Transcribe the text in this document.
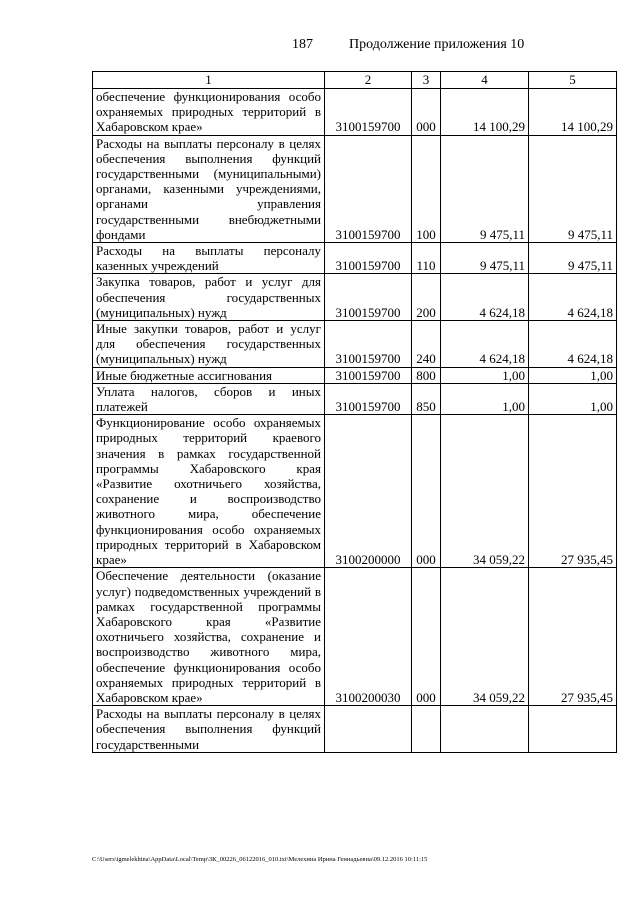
187	Продолжение приложения 10
1	2	3	4	5
обеспечение функционирования особо охраняемых природных территорий в Хабаровском крае»	3100159700	000	14 100,29	14 100,29
Расходы на выплаты персоналу в целях обеспечения выполнения функций государственными (муниципальными) органами, казенными учреждениями, органами управления государственными внебюджетными фондами	3100159700	100	9 475,11	9 475,11
Расходы на выплаты персоналу казенных учреждений	3100159700	110	9 475,11	9 475,11
Закупка товаров, работ и услуг для обеспечения государственных (муниципальных) нужд	3100159700	200	4 624,18	4 624,18
Иные закупки товаров, работ и услуг для обеспечения государственных (муниципальных) нужд	3100159700	240	4 624,18	4 624,18
Иные бюджетные ассигнования	3100159700	800	1,00	1,00
Уплата налогов, сборов и иных платежей	3100159700	850	1,00	1,00
Функционирование особо охраняемых природных территорий краевого значения в рамках государственной программы Хабаровского края «Развитие охотничьего хозяйства, сохранение и воспроизводство животного мира, обеспечение функционирования особо охраняемых природных территорий в Хабаровском крае»	3100200000	000	34 059,22	27 935,45
Обеспечение деятельности (оказание услуг) подведомственных учреждений в рамках государственной программы Хабаровского края «Развитие охотничьего хозяйства, сохранение и воспроизводство животного мира, обеспечение функционирования особо охраняемых природных территорий в Хабаровском крае»	3100200030	000	34 059,22	27 935,45
Расходы на выплаты персоналу в целях обеспечения выполнения функций государственными				
C:\Users\igmelekhina\AppData\Local\Temp\ЗК_00226_06122016_010.txt\Мелехина Ирина Геннадьевна\09.12.2016 10:11:15
